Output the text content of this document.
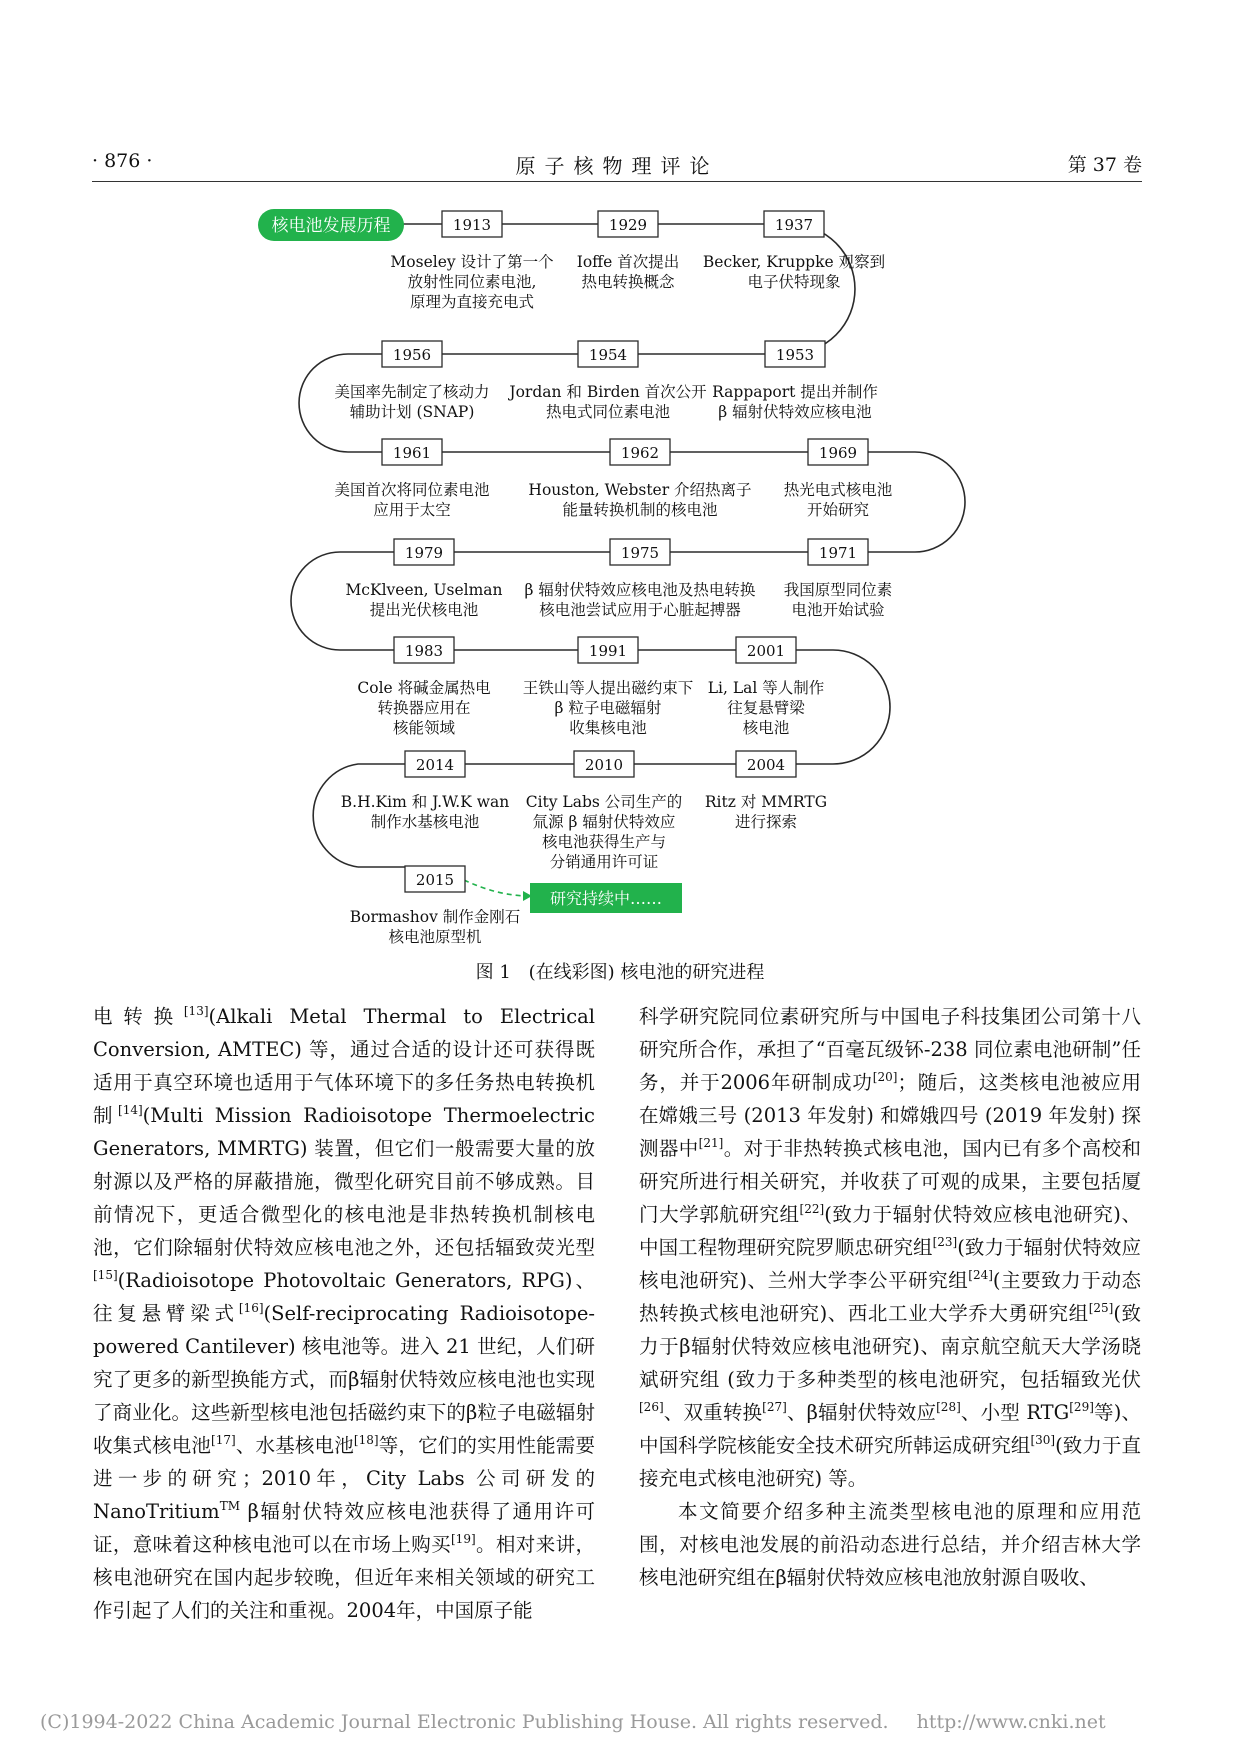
· 876 ·	原子核物理评论	第 37 卷
核电池发展历程
研究持续中……
1913
Moseley 设计了第一个
放射性同位素电池,
原理为直接充电式
1929
Ioffe 首次提出
热电转换概念
1937
Becker, Kruppke 观察到
电子伏特现象
1956
美国率先制定了核动力
辅助计划 (SNAP)
1954
Jordan 和 Birden 首次公开
热电式同位素电池
1953
Rappaport 提出并制作
β 辐射伏特效应核电池
1961
美国首次将同位素电池
应用于太空
1962
Houston, Webster 介绍热离子
能量转换机制的核电池
1969
热光电式核电池
开始研究
1979
McKlveen, Uselman
提出光伏核电池
1975
β 辐射伏特效应核电池及热电转换
核电池尝试应用于心脏起搏器
1971
我国原型同位素
电池开始试验
1983
Cole 将碱金属热电
转换器应用在
核能领域
1991
王铁山等人提出磁约束下
β 粒子电磁辐射
收集核电池
2001
Li, Lal 等人制作
往复悬臂梁
核电池
2014
B.H.Kim 和 J.W.K wan
制作水基核电池
2010
City Labs 公司生产的
氚源 β 辐射伏特效应
核电池获得生产与
分销通用许可证
2004
Ritz 对 MMRTG
进行探索
2015
Bormashov 制作金刚石
核电池原型机
图 1 (在线彩图) 核电池的研究进程

电转换[13](Alkali Metal Thermal to Electrical Conversion, AMTEC) 等，通过合适的设计还可获得既适用于真空环境也适用于气体环境下的多任务热电转换机制[14](Multi Mission Radioisotope Thermoelectric Generators, MMRTG) 装置，但它们一般需要大量的放射源以及严格的屏蔽措施，微型化研究目前不够成熟。目前情况下，更适合微型化的核电池是非热转换机制核电池，它们除辐射伏特效应核电池之外，还包括辐致荧光型[15](Radioisotope Photovoltaic Generators, RPG)、往复悬臂梁式[16](Self-reciprocating Radioisotope-powered Cantilever) 核电池等。进入 21 世纪，人们研究了更多的新型换能方式，而β辐射伏特效应核电池也实现了商业化。这些新型核电池包括磁约束下的β粒子电磁辐射收集式核电池[17]、水基核电池[18]等，它们的实用性能需要进一步的研究；2010年，City Labs 公司研发的NanoTritium™ β辐射伏特效应核电池获得了通用许可证，意味着这种核电池可以在市场上购买[19]。相对来讲，核电池研究在国内起步较晚，但近年来相关领域的研究工作引起了人们的关注和重视。2004年，中国原子能

科学研究院同位素研究所与中国电子科技集团公司第十八研究所合作，承担了“百毫瓦级钚-238 同位素电池研制”任务，并于2006年研制成功[20]；随后，这类核电池被应用在嫦娥三号 (2013 年发射) 和嫦娥四号 (2019 年发射) 探测器中[21]。对于非热转换式核电池，国内已有多个高校和研究所进行相关研究，并收获了可观的成果，主要包括厦门大学郭航研究组[22](致力于辐射伏特效应核电池研究)、中国工程物理研究院罗顺忠研究组[23](致力于辐射伏特效应核电池研究)、兰州大学李公平研究组[24](主要致力于动态热转换式核电池研究)、西北工业大学乔大勇研究组[25](致力于β辐射伏特效应核电池研究)、南京航空航天大学汤晓斌研究组 (致力于多种类型的核电池研究，包括辐致光伏[26]、双重转换[27]、β辐射伏特效应[28]、小型 RTG[29]等)、中国科学院核能安全技术研究所韩运成研究组[30](致力于直接充电式核电池研究) 等。

本文简要介绍多种主流类型核电池的原理和应用范围，对核电池发展的前沿动态进行总结，并介绍吉林大学核电池研究组在β辐射伏特效应核电池放射源自吸收、

(C)1994-2022 China Academic Journal Electronic Publishing House. All rights reserved. http://www.cnki.net
